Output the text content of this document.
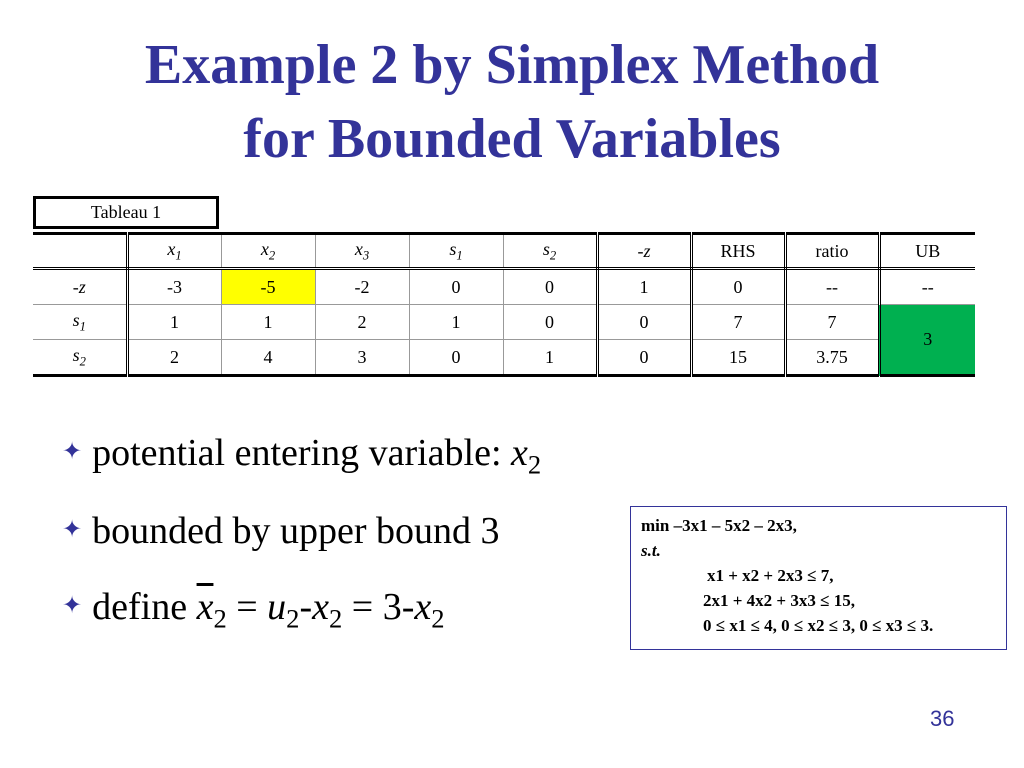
Example 2 by Simplex Method
for Bounded Variables
Tableau 1
	$x_1$	$x_2$	$x_3$	$s_1$	$s_2$	-z	RHS	ratio	UB
-z	-3	-5	-2	0	0	1	0	--	--
$s_1$	1	1	2	1	0	0	7	7	3
$s_2$	2	4	3	0	1	0	15	3.75	
✦ potential entering variable: $x_2$
✦ bounded by upper bound 3
✦ define $\overline{x}_2 = u_2-x_2 = 3-x_2$
min –3x1 – 5x2 – 2x3,
s.t.
x1 + x2 + 2x3 ≤ 7,
2x1 + 4x2 + 3x3 ≤ 15,
0 ≤ x1 ≤ 4, 0 ≤ x2 ≤ 3, 0 ≤ x3 ≤ 3.
36
